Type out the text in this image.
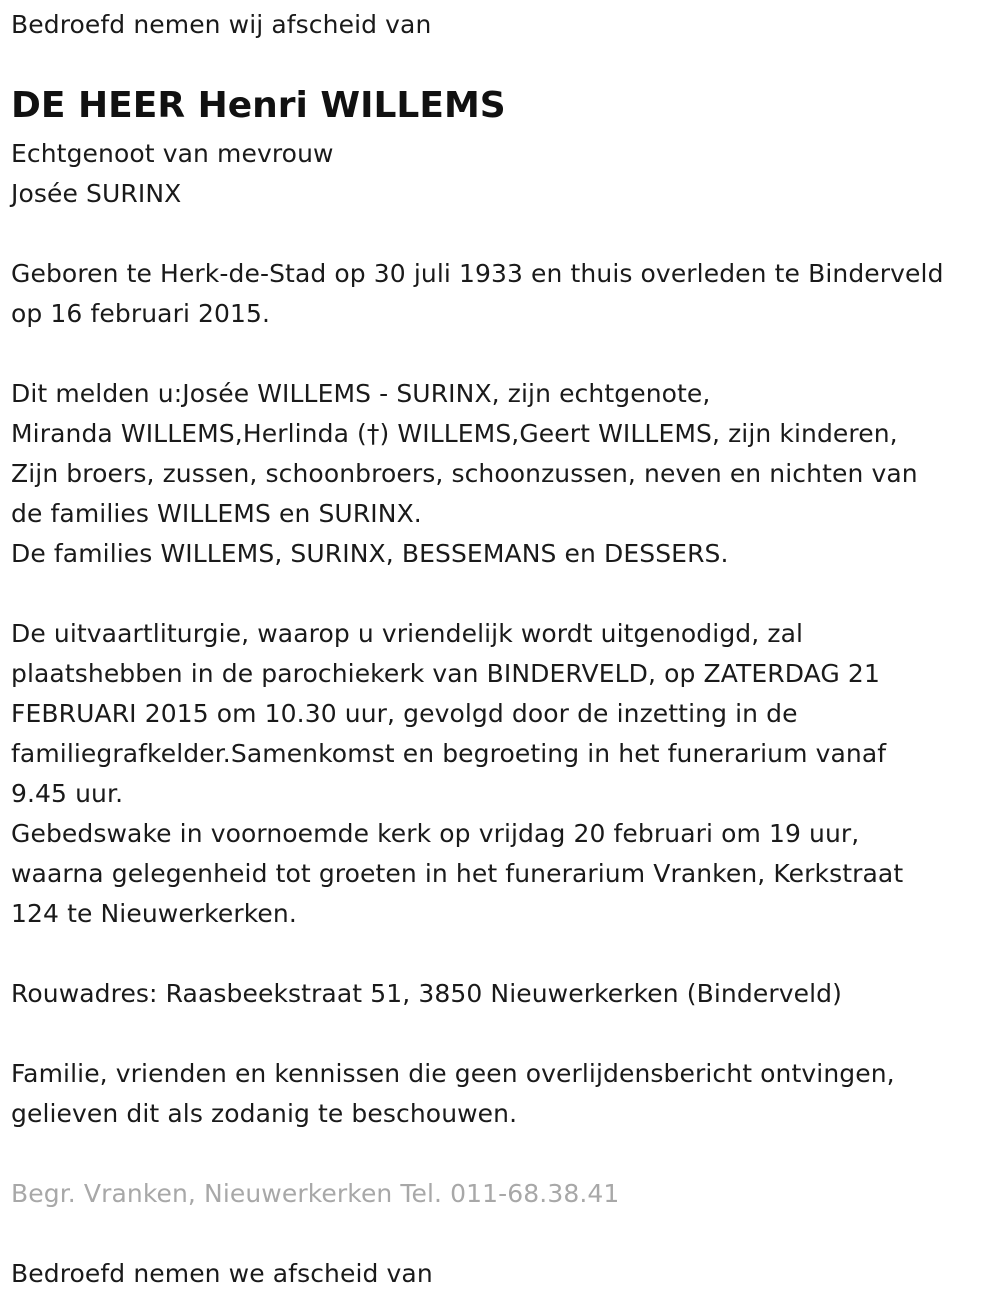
Bedroefd nemen wij afscheid van
DE HEER Henri WILLEMS
Echtgenoot van mevrouw
Josée SURINX
Geboren te Herk-de-Stad op 30 juli 1933 en thuis overleden te Binderveld
op 16 februari 2015.
Dit melden u:Josée WILLEMS - SURINX, zijn echtgenote,
Miranda WILLEMS,Herlinda (†) WILLEMS,Geert WILLEMS, zijn kinderen,
Zijn broers, zussen, schoonbroers, schoonzussen, neven en nichten van
de families WILLEMS en SURINX.
De families WILLEMS, SURINX, BESSEMANS en DESSERS.
De uitvaartliturgie, waarop u vriendelijk wordt uitgenodigd, zal
plaatshebben in de parochiekerk van BINDERVELD, op ZATERDAG 21
FEBRUARI 2015 om 10.30 uur, gevolgd door de inzetting in de
familiegrafkelder.Samenkomst en begroeting in het funerarium vanaf
9.45 uur.
Gebedswake in voornoemde kerk op vrijdag 20 februari om 19 uur,
waarna gelegenheid tot groeten in het funerarium Vranken, Kerkstraat
124 te Nieuwerkerken.
Rouwadres: Raasbeekstraat 51, 3850 Nieuwerkerken (Binderveld)
Familie, vrienden en kennissen die geen overlijdensbericht ontvingen,
gelieven dit als zodanig te beschouwen.
Begr. Vranken, Nieuwerkerken Tel. 011-68.38.41
Bedroefd nemen we afscheid van
